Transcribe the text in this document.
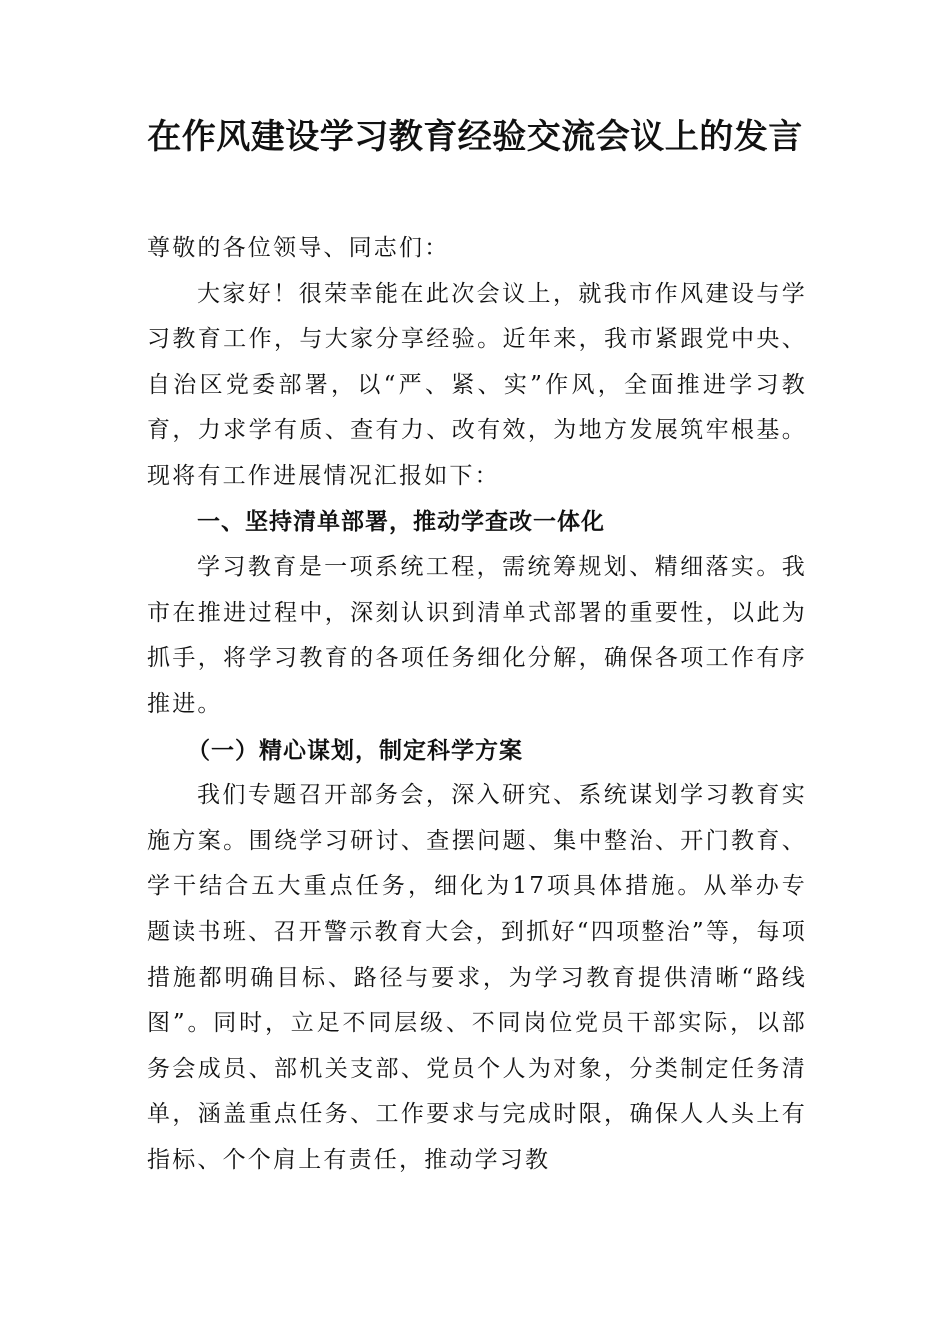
在作风建设学习教育经验交流会议上的发言

尊敬的各位领导、同志们：

大家好！很荣幸能在此次会议上，就我市作风建设与学习教育工作，与大家分享经验。近年来，我市紧跟党中央、自治区党委部署，以“严、紧、实”作风，全面推进学习教育，力求学有质、查有力、改有效，为地方发展筑牢根基。现将有工作进展情况汇报如下：

一、坚持清单部署，推动学查改一体化

学习教育是一项系统工程，需统筹规划、精细落实。我市在推进过程中，深刻认识到清单式部署的重要性，以此为抓手，将学习教育的各项任务细化分解，确保各项工作有序推进。

（一）精心谋划，制定科学方案

我们专题召开部务会，深入研究、系统谋划学习教育实施方案。围绕学习研讨、查摆问题、集中整治、开门教育、学干结合五大重点任务，细化为17项具体措施。从举办专题读书班、召开警示教育大会，到抓好“四项整治”等，每项措施都明确目标、路径与要求，为学习教育提供清晰“路线图”。同时，立足不同层级、不同岗位党员干部实际，以部务会成员、部机关支部、党员个人为对象，分类制定任务清单，涵盖重点任务、工作要求与完成时限，确保人人头上有指标、个个肩上有责任，推动学习教
